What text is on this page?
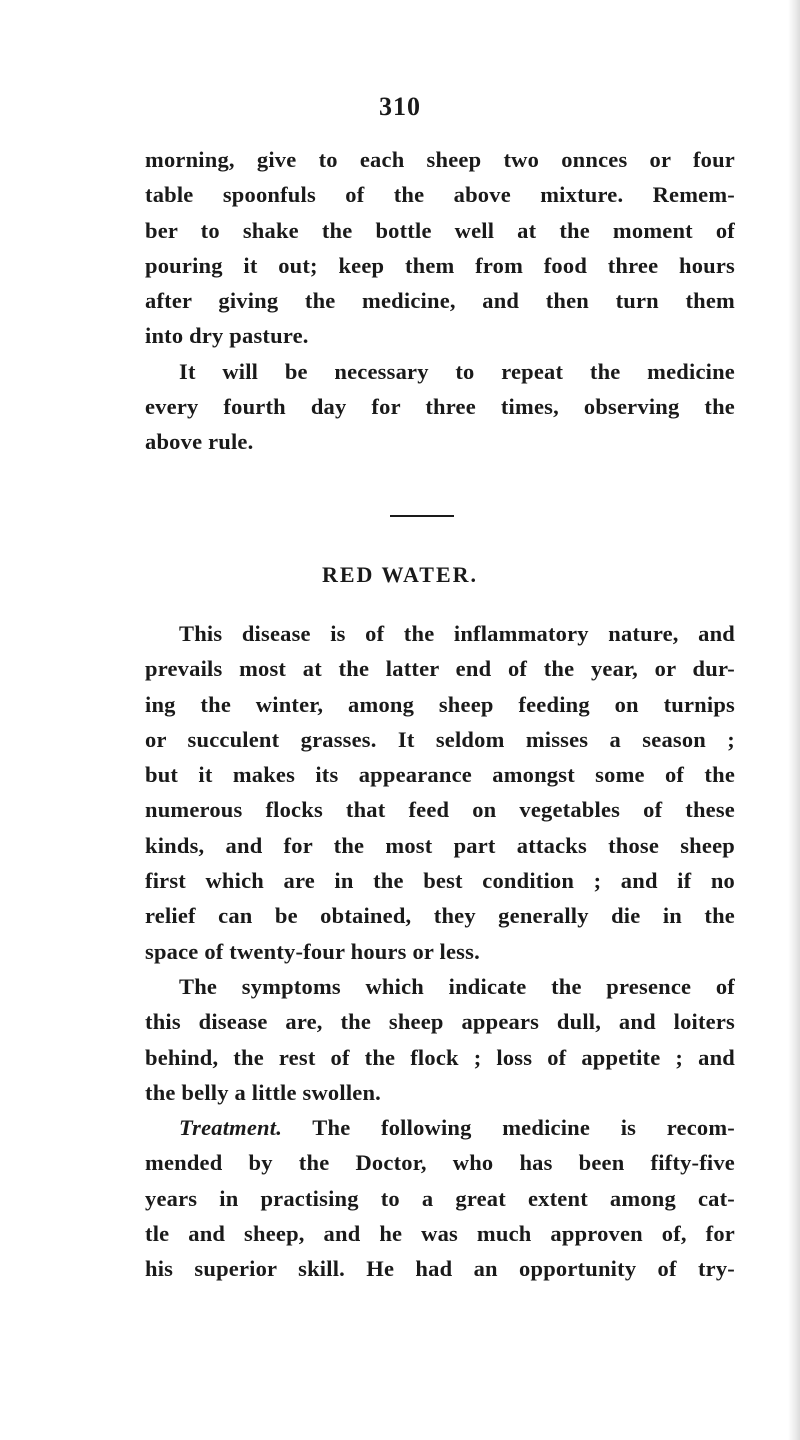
310
morning, give to each sheep two onnces or four
table spoonfuls of the above mixture. Remem-
ber to shake the bottle well at the moment of
pouring it out; keep them from food three hours
after giving the medicine, and then turn them
into dry pasture.
It will be necessary to repeat the medicine
every fourth day for three times, observing the
above rule.
RED WATER.
This disease is of the inflammatory nature, and
prevails most at the latter end of the year, or dur-
ing the winter, among sheep feeding on turnips
or succulent grasses. It seldom misses a season ;
but it makes its appearance amongst some of the
numerous flocks that feed on vegetables of these
kinds, and for the most part attacks those sheep
first which are in the best condition ; and if no
relief can be obtained, they generally die in the
space of twenty-four hours or less.
The symptoms which indicate the presence of
this disease are, the sheep appears dull, and loiters
behind, the rest of the flock ; loss of appetite ; and
the belly a little swollen.
Treatment. The following medicine is recom-
mended by the Doctor, who has been fifty-five
years in practising to a great extent among cat-
tle and sheep, and he was much approven of, for
his superior skill. He had an opportunity of try-
